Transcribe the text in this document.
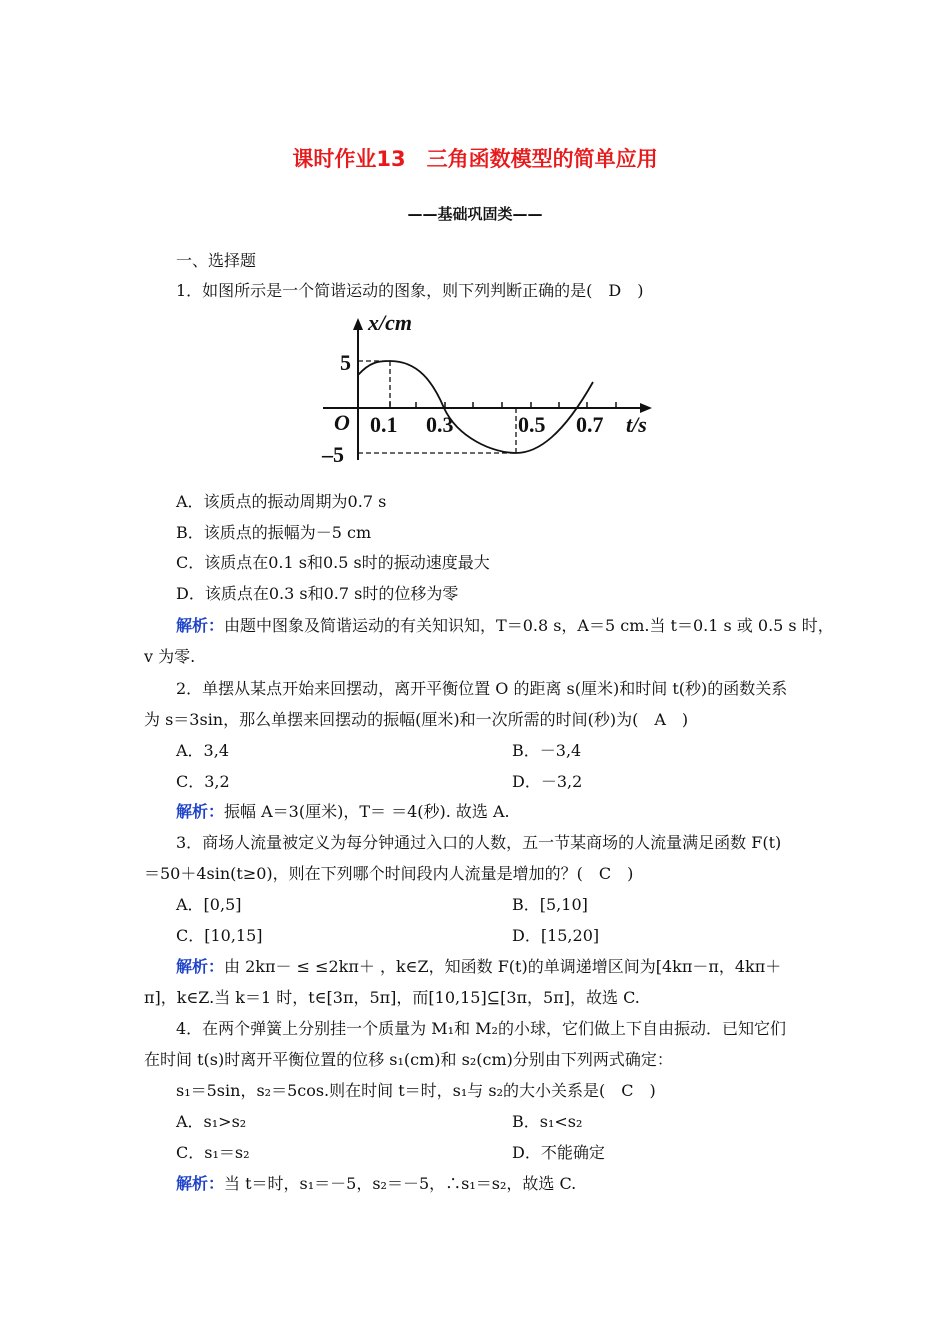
课时作业13　三角函数模型的简单应用
——基础巩固类——
一、选择题
1．如图所示是一个简谐运动的图象，则下列判断正确的是(　D　)
x/cm
t/s
O
5
–5
0.1 0.3	0.5 0.7
A．该质点的振动周期为0.7 s
B．该质点的振幅为－5 cm
C．该质点在0.1 s和0.5 s时的振动速度最大
D．该质点在0.3 s和0.7 s时的位移为零
解析：由题中图象及简谐运动的有关知识知，T＝0.8 s，A＝5 cm.当 t＝0.1 s 或 0.5 s 时，
v 为零.
2．单摆从某点开始来回摆动，离开平衡位置 O 的距离 s(厘米)和时间 t(秒)的函数关系
为 s＝3sin，那么单摆来回摆动的振幅(厘米)和一次所需的时间(秒)为(　A　)
A．3,4	B．－3,4
C．3,2	D．－3,2
解析：振幅 A＝3(厘米)，T＝ ＝4(秒). 故选 A.
3．商场人流量被定义为每分钟通过入口的人数，五一节某商场的人流量满足函数 F(t)
＝50＋4sin(t≥0)，则在下列哪个时间段内人流量是增加的？(　C　)
A．[0,5]	B．[5,10]
C．[10,15]	D．[15,20]
解析：由 2kπ－ ≤ ≤2kπ＋ ，k∈Z，知函数 F(t)的单调递增区间为[4kπ－π，4kπ＋
π]，k∈Z.当 k＝1 时，t∈[3π，5π]，而[10,15]⊆[3π，5π]，故选 C.
4．在两个弹簧上分别挂一个质量为 M₁和 M₂的小球，它们做上下自由振动．已知它们
在时间 t(s)时离开平衡位置的位移 s₁(cm)和 s₂(cm)分别由下列两式确定：
s₁＝5sin，s₂＝5cos.则在时间 t＝时，s₁与 s₂的大小关系是(　C　)
A．s₁>s₂	B．s₁<s₂
C．s₁＝s₂	D．不能确定
解析：当 t＝时，s₁＝－5，s₂＝－5，∴s₁＝s₂，故选 C.
